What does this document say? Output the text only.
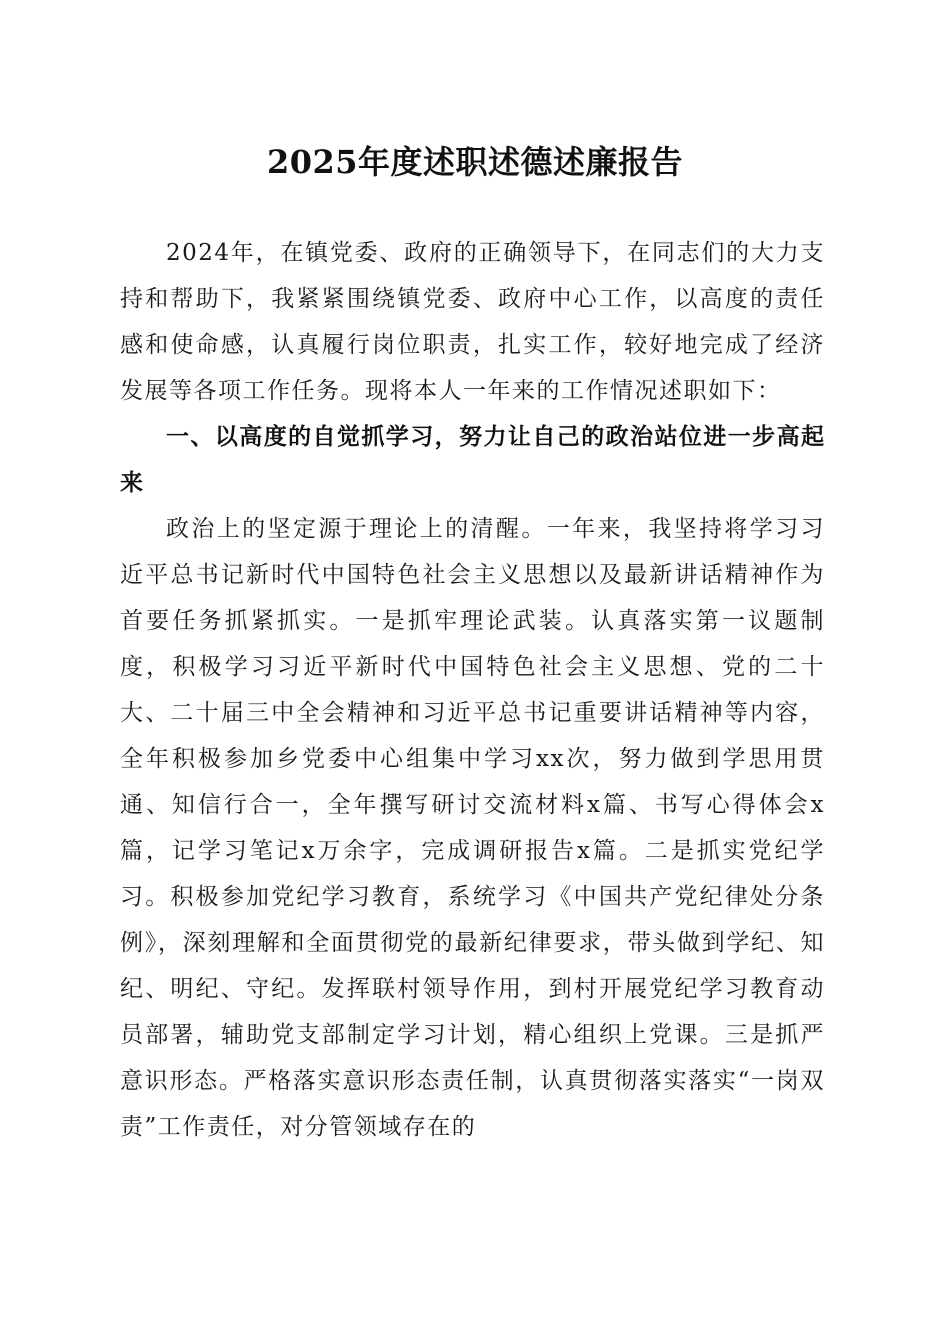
2025年度述职述德述廉报告

2024年，在镇党委、政府的正确领导下，在同志们的大力支持和帮助下，我紧紧围绕镇党委、政府中心工作，以高度的责任感和使命感，认真履行岗位职责，扎实工作，较好地完成了经济发展等各项工作任务。现将本人一年来的工作情况述职如下：

一、以高度的自觉抓学习，努力让自己的政治站位进一步高起来

政治上的坚定源于理论上的清醒。一年来，我坚持将学习习近平总书记新时代中国特色社会主义思想以及最新讲话精神作为首要任务抓紧抓实。一是抓牢理论武装。认真落实第一议题制度，积极学习习近平新时代中国特色社会主义思想、党的二十大、二十届三中全会精神和习近平总书记重要讲话精神等内容，全年积极参加乡党委中心组集中学习xx次，努力做到学思用贯通、知信行合一，全年撰写研讨交流材料x篇、书写心得体会x篇，记学习笔记x万余字，完成调研报告x篇。二是抓实党纪学习。积极参加党纪学习教育，系统学习《中国共产党纪律处分条例》，深刻理解和全面贯彻党的最新纪律要求，带头做到学纪、知纪、明纪、守纪。发挥联村领导作用，到村开展党纪学习教育动员部署，辅助党支部制定学习计划，精心组织上党课。三是抓严意识形态。严格落实意识形态责任制，认真贯彻落实落实“一岗双责”工作责任，对分管领域存在的
